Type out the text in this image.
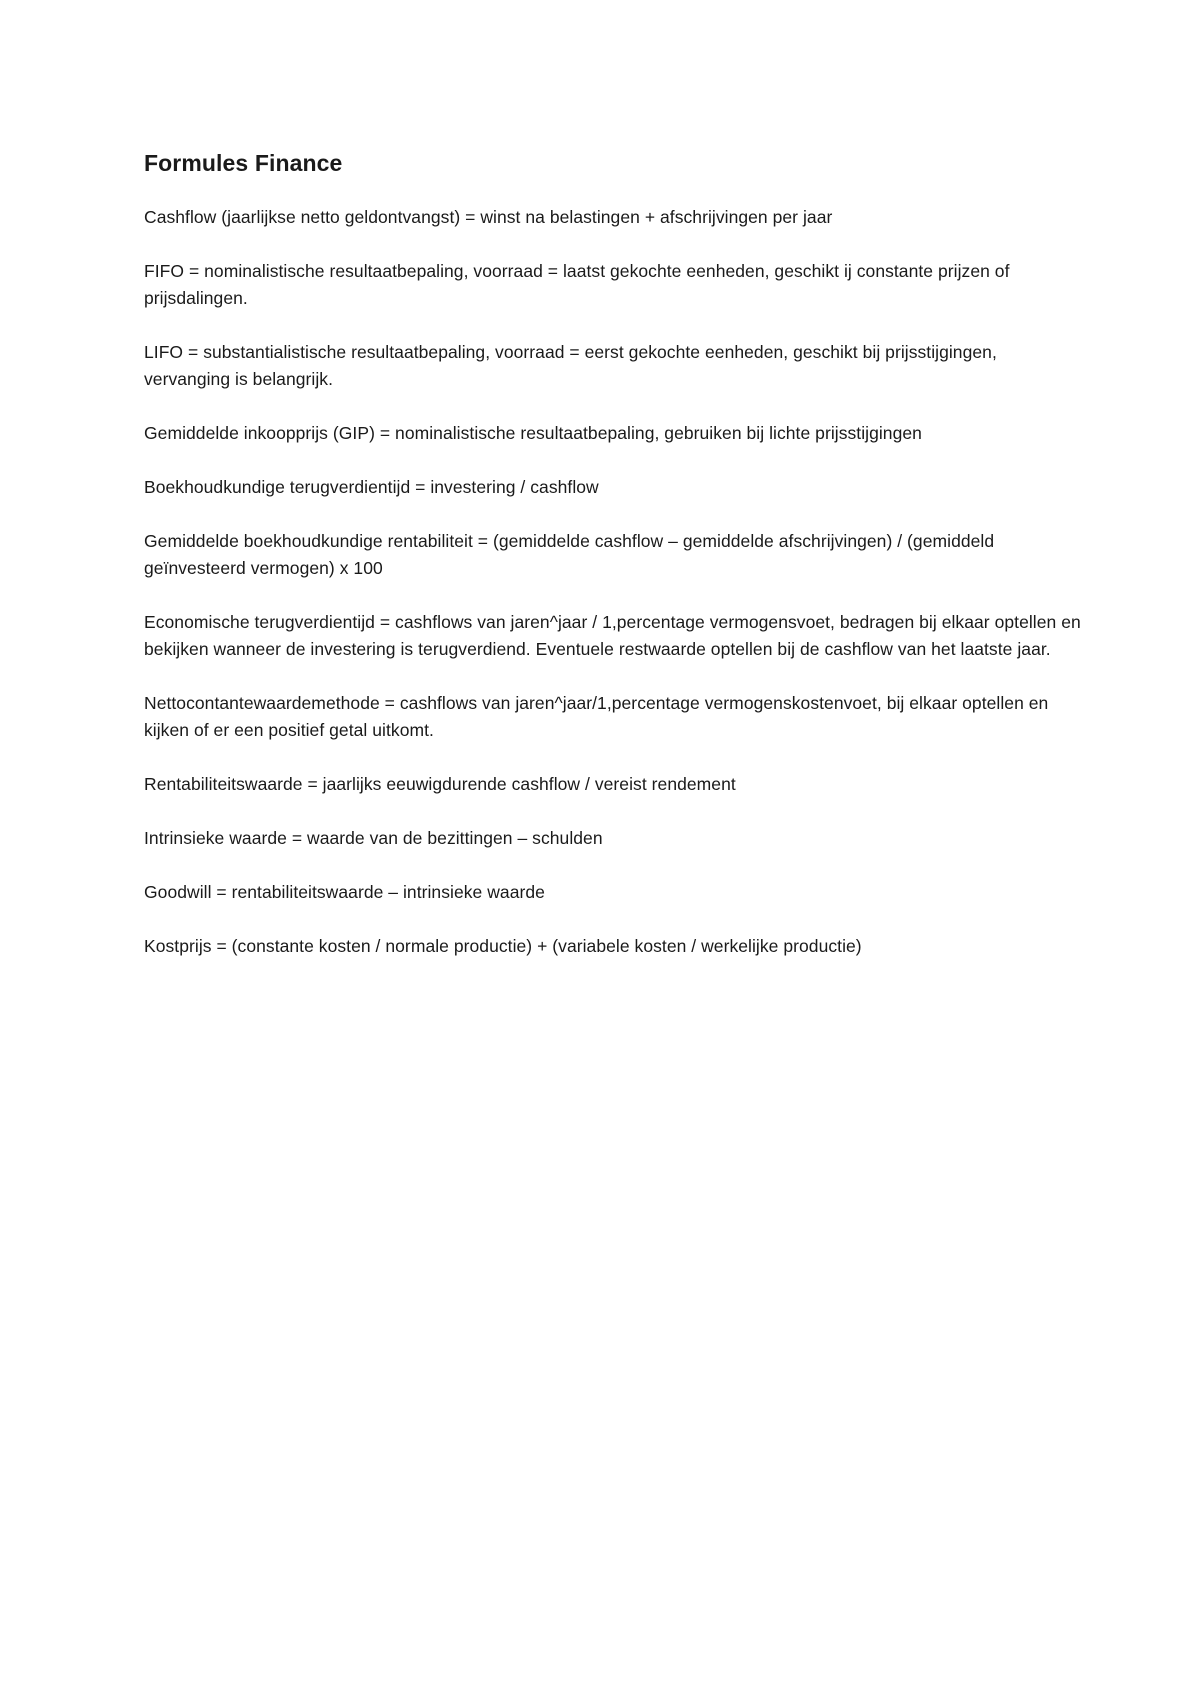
Formules Finance

Cashflow (jaarlijkse netto geldontvangst) = winst na belastingen + afschrijvingen per jaar

FIFO = nominalistische resultaatbepaling, voorraad = laatst gekochte eenheden, geschikt ij constante prijzen of prijsdalingen.

LIFO = substantialistische resultaatbepaling, voorraad = eerst gekochte eenheden, geschikt bij prijsstijgingen, vervanging is belangrijk.

Gemiddelde inkoopprijs (GIP) = nominalistische resultaatbepaling, gebruiken bij lichte prijsstijgingen

Boekhoudkundige terugverdientijd = investering / cashflow

Gemiddelde boekhoudkundige rentabiliteit = (gemiddelde cashflow – gemiddelde afschrijvingen) / (gemiddeld geïnvesteerd vermogen) x 100

Economische terugverdientijd = cashflows van jaren^jaar / 1,percentage vermogensvoet, bedragen bij elkaar optellen en bekijken wanneer de investering is terugverdiend. Eventuele restwaarde optellen bij de cashflow van het laatste jaar.

Nettocontantewaardemethode = cashflows van jaren^jaar/1,percentage vermogenskostenvoet, bij elkaar optellen en kijken of er een positief getal uitkomt.

Rentabiliteitswaarde = jaarlijks eeuwigdurende cashflow / vereist rendement

Intrinsieke waarde = waarde van de bezittingen – schulden

Goodwill = rentabiliteitswaarde – intrinsieke waarde

Kostprijs = (constante kosten / normale productie) + (variabele kosten / werkelijke productie)
